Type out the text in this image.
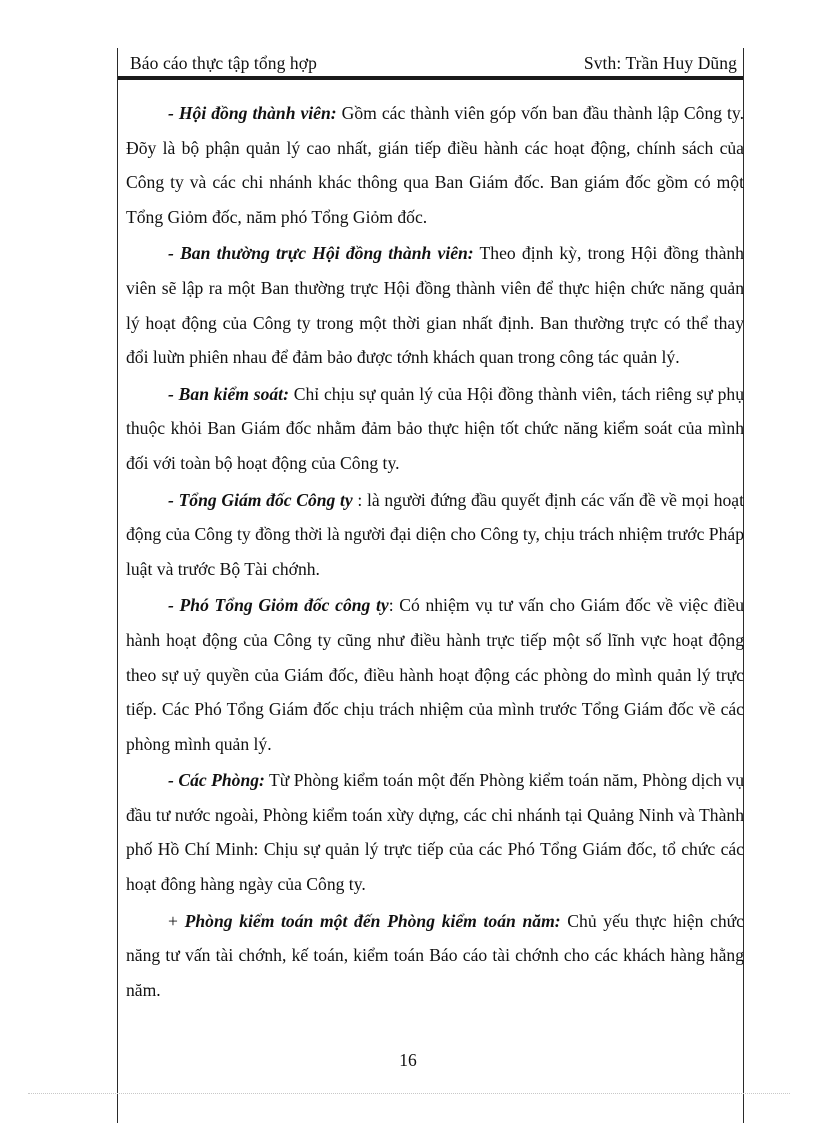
Báo cáo thực tập tổng hợp	Svth: Trần Huy Dũng

- Hội đồng thành viên: Gồm các thành viên góp vốn ban đầu thành lập Công ty. Đõy là bộ phận quản lý cao nhất, gián tiếp điều hành các hoạt động, chính sách của Công ty và các chi nhánh khác thông qua Ban Giám đốc. Ban giám đốc gồm có một Tổng Giỏm đốc, năm phó Tổng Giỏm đốc.

- Ban thường trực Hội đồng thành viên: Theo định kỳ, trong Hội đồng thành viên sẽ lập ra một Ban thường trực Hội đồng thành viên để thực hiện chức năng quản lý hoạt động của Công ty trong một thời gian nhất định. Ban thường trực có thể thay đổi luừn phiên nhau để đảm bảo được tớnh khách quan trong công tác quản lý.

- Ban kiểm soát: Chỉ chịu sự quản lý của Hội đồng thành viên, tách riêng sự phụ thuộc khỏi Ban Giám đốc nhằm đảm bảo thực hiện tốt chức năng kiểm soát của mình đối với toàn bộ hoạt động của Công ty.

- Tổng Giám đốc Công ty : là người đứng đầu quyết định các vấn đề về mọi hoạt động của Công ty đồng thời là người đại diện cho Công ty, chịu trách nhiệm trước Pháp luật và trước Bộ Tài chớnh.

- Phó Tổng Giỏm đốc công ty: Có nhiệm vụ tư vấn cho Giám đốc về việc điều hành hoạt động của Công ty cũng như điều hành trực tiếp một số lĩnh vực hoạt động theo sự uỷ quyền của Giám đốc, điều hành hoạt động các phòng do mình quản lý trực tiếp. Các Phó Tổng Giám đốc chịu trách nhiệm của mình trước Tổng Giám đốc về các phòng mình quản lý.

- Các Phòng: Từ Phòng kiểm toán một đến Phòng kiểm toán năm, Phòng dịch vụ đầu tư nước ngoài, Phòng kiểm toán xừy dựng, các chi nhánh tại Quảng Ninh và Thành phố Hồ Chí Minh: Chịu sự quản lý trực tiếp của các Phó Tổng Giám đốc, tổ chức các hoạt đông hàng ngày của Công ty.

+ Phòng kiểm toán một đến Phòng kiểm toán năm: Chủ yếu thực hiện chức năng tư vấn tài chớnh, kế toán, kiểm toán Báo cáo tài chớnh cho các khách hàng hằng năm.

16
